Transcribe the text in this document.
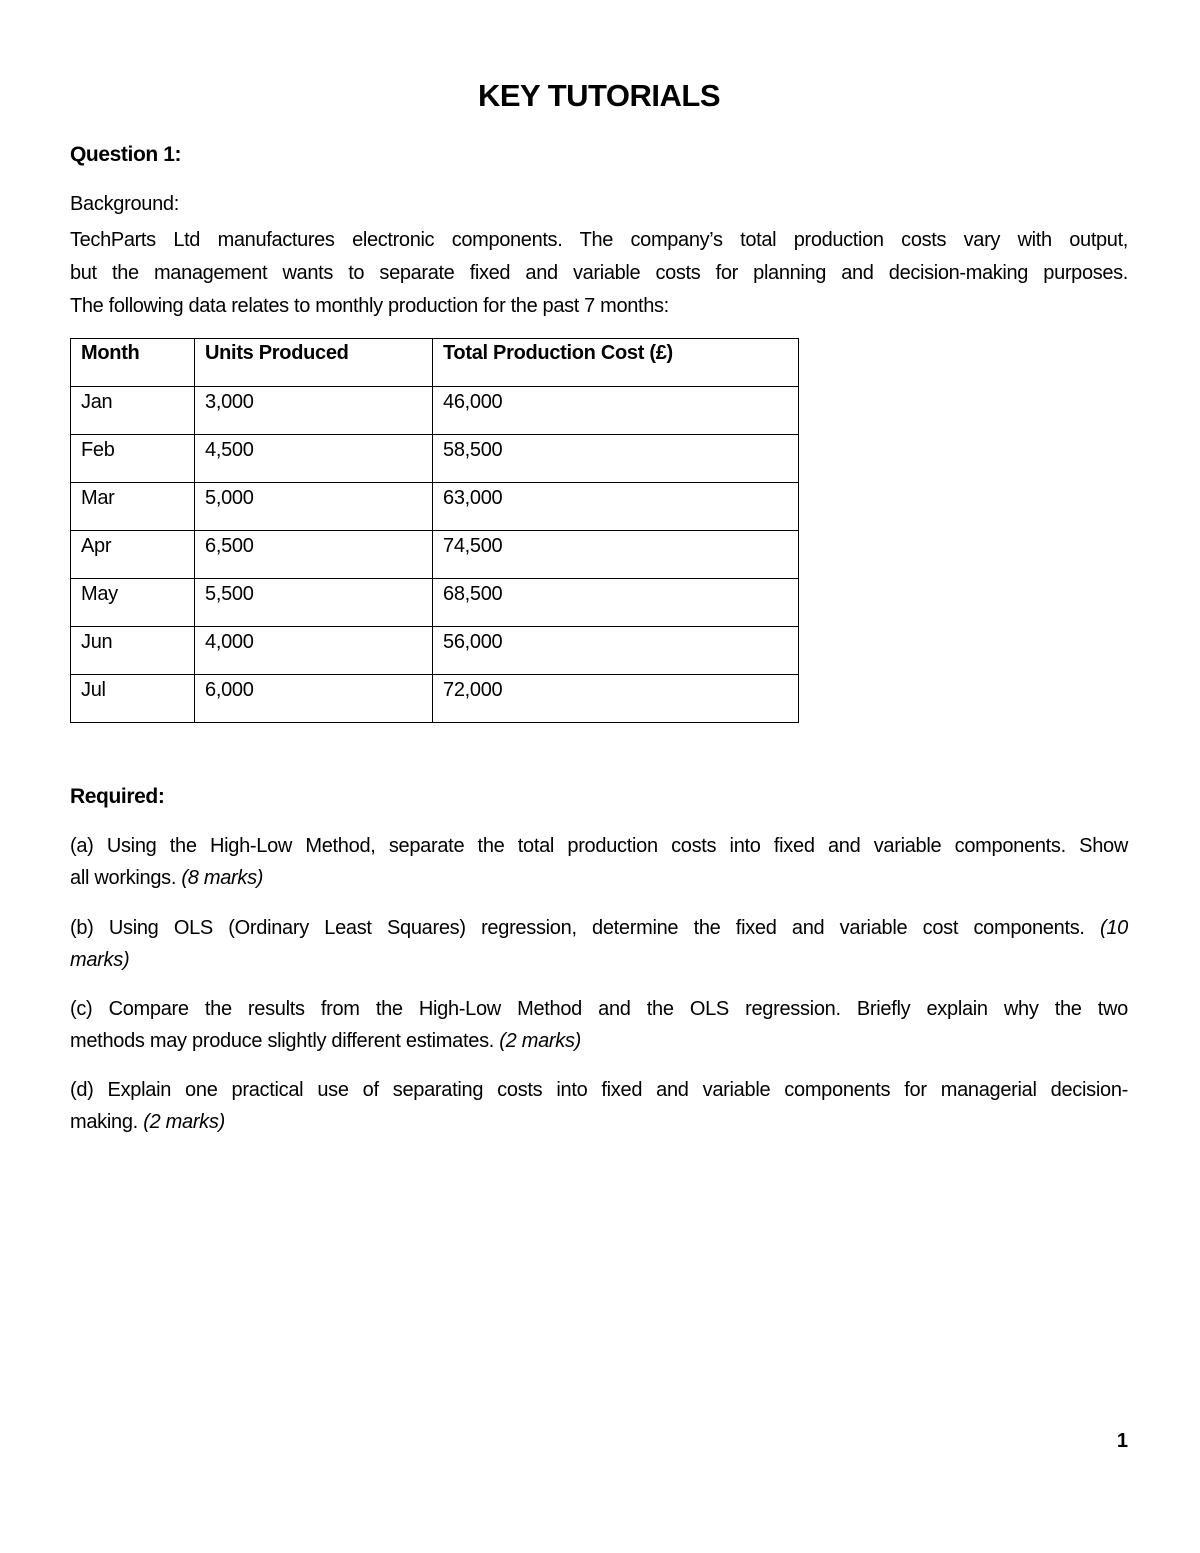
KEY TUTORIALS
Question 1:
Background:
TechParts Ltd manufactures electronic components. The company’s total production costs vary with output,
but the management wants to separate fixed and variable costs for planning and decision-making purposes.
The following data relates to monthly production for the past 7 months:
Month	Units Produced	Total Production Cost (£)
Jan	3,000	46,000
Feb	4,500	58,500
Mar	5,000	63,000
Apr	6,500	74,500
May	5,500	68,500
Jun	4,000	56,000
Jul	6,000	72,000
Required:
(a) Using the High-Low Method, separate the total production costs into fixed and variable components. Show
all workings. (8 marks)
(b) Using OLS (Ordinary Least Squares) regression, determine the fixed and variable cost components. (10
marks)
(c) Compare the results from the High-Low Method and the OLS regression. Briefly explain why the two
methods may produce slightly different estimates. (2 marks)
(d) Explain one practical use of separating costs into fixed and variable components for managerial decision-
making. (2 marks)
1
